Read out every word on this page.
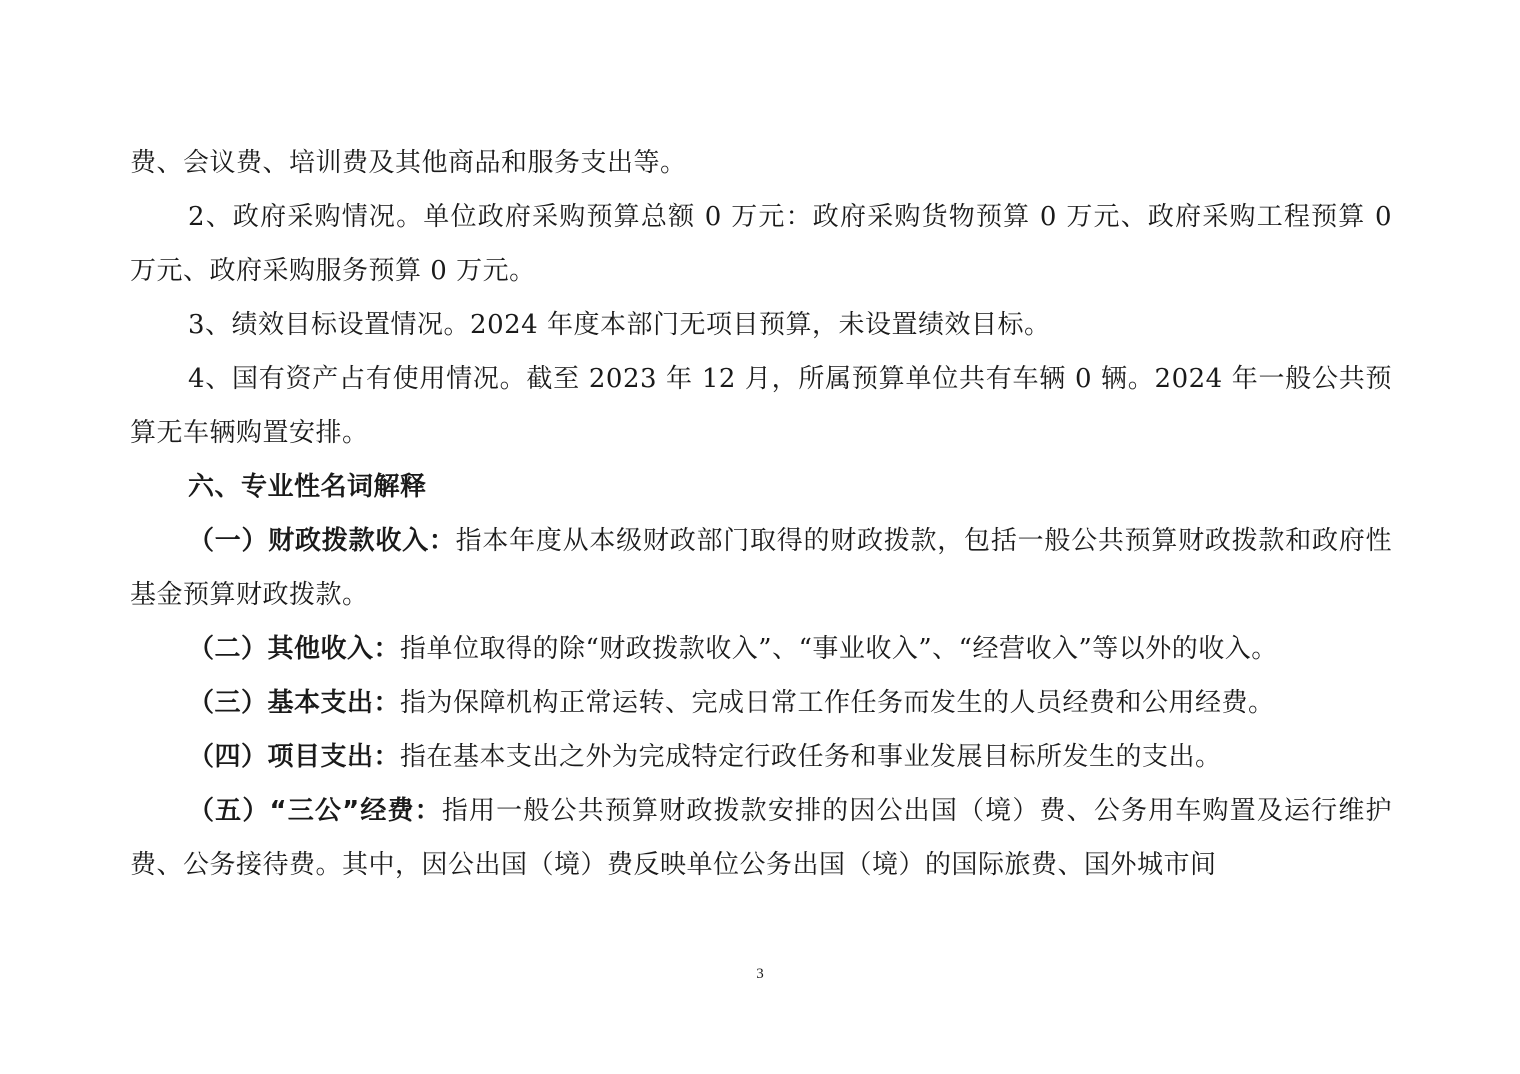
费、会议费、培训费及其他商品和服务支出等。

2、政府采购情况。单位政府采购预算总额 0 万元：政府采购货物预算 0 万元、政府采购工程预算 0 万元、政府采购服务预算 0 万元。

3、绩效目标设置情况。2024 年度本部门无项目预算，未设置绩效目标。

4、国有资产占有使用情况。截至 2023 年 12 月，所属预算单位共有车辆 0 辆。2024 年一般公共预算无车辆购置安排。

六、专业性名词解释

（一）财政拨款收入：指本年度从本级财政部门取得的财政拨款，包括一般公共预算财政拨款和政府性基金预算财政拨款。

（二）其他收入：指单位取得的除“财政拨款收入”、“事业收入”、“经营收入”等以外的收入。

（三）基本支出：指为保障机构正常运转、完成日常工作任务而发生的人员经费和公用经费。

（四）项目支出：指在基本支出之外为完成特定行政任务和事业发展目标所发生的支出。

（五）“三公”经费：指用一般公共预算财政拨款安排的因公出国（境）费、公务用车购置及运行维护费、公务接待费。其中，因公出国（境）费反映单位公务出国（境）的国际旅费、国外城市间

3
